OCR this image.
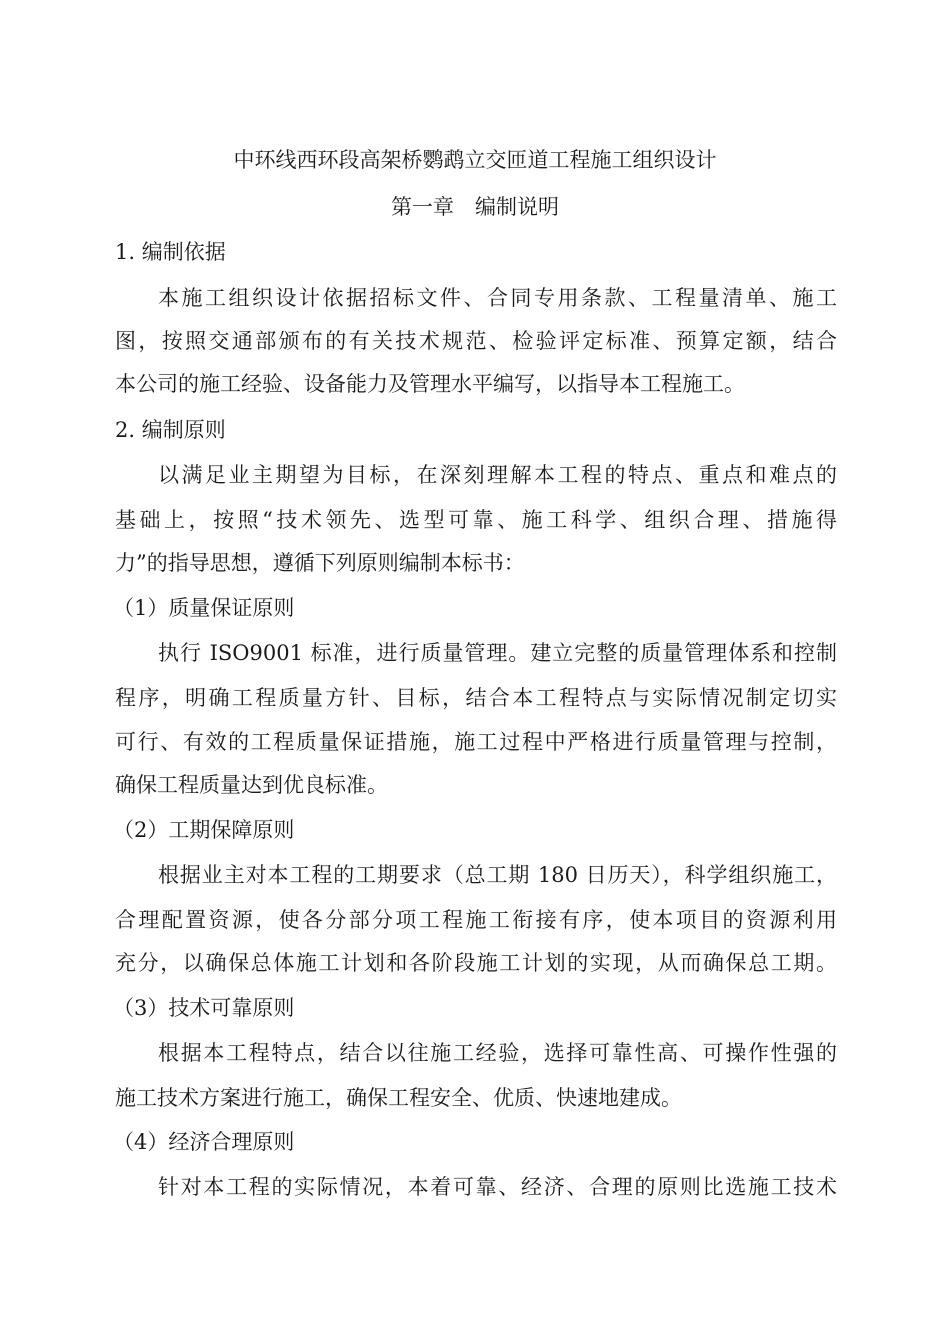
中环线西环段高架桥鹦鹉立交匝道工程施工组织设计
第一章　编制说明
1. 编制依据
本施工组织设计依据招标文件、合同专用条款、工程量清单、施工
图，按照交通部颁布的有关技术规范、检验评定标准、预算定额，结合
本公司的施工经验、设备能力及管理水平编写，以指导本工程施工。
2. 编制原则
以满足业主期望为目标，在深刻理解本工程的特点、重点和难点的
基础上，按照“技术领先、选型可靠、施工科学、组织合理、措施得
力”的指导思想，遵循下列原则编制本标书：
（1）质量保证原则
执行 ISO9001 标准，进行质量管理。建立完整的质量管理体系和控制
程序，明确工程质量方针、目标，结合本工程特点与实际情况制定切实
可行、有效的工程质量保证措施，施工过程中严格进行质量管理与控制，
确保工程质量达到优良标准。
（2）工期保障原则
根据业主对本工程的工期要求（总工期 180 日历天），科学组织施工，
合理配置资源，使各分部分项工程施工衔接有序，使本项目的资源利用
充分，以确保总体施工计划和各阶段施工计划的实现，从而确保总工期。
（3）技术可靠原则
根据本工程特点，结合以往施工经验，选择可靠性高、可操作性强的
施工技术方案进行施工，确保工程安全、优质、快速地建成。
（4）经济合理原则
针对本工程的实际情况，本着可靠、经济、合理的原则比选施工技术
